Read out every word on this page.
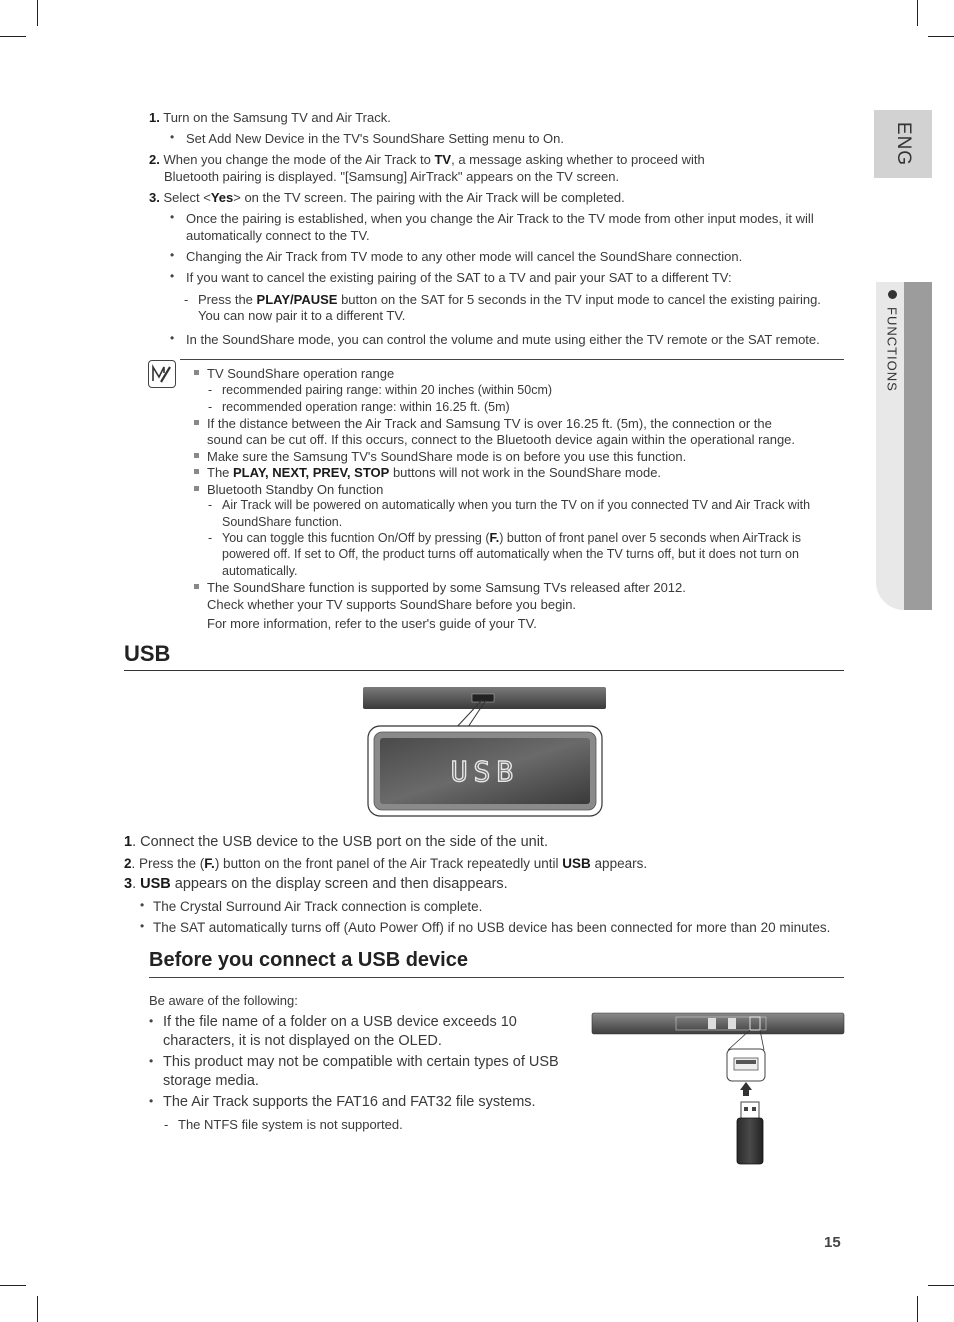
ENG
FUNCTIONS
1. Turn on the Samsung TV and Air Track.
• Set Add New Device in the TV's SoundShare Setting menu to On.
2. When you change the mode of the Air Track to TV, a message asking whether to proceed with
Bluetooth pairing is displayed. "[Samsung] AirTrack" appears on the TV screen.
3. Select <Yes> on the TV screen. The pairing with the Air Track will be completed.
• Once the pairing is established, when you change the Air Track to the TV mode from other input modes, it will
automatically connect to the TV.
• Changing the Air Track from TV mode to any other mode will cancel the SoundShare connection.
• If you want to cancel the existing pairing of the SAT to a TV and pair your SAT to a different TV:
- Press the PLAY/PAUSE button on the SAT for 5 seconds in the TV input mode to cancel the existing pairing.
You can now pair it to a different TV.
• In the SoundShare mode, you can control the volume and mute using either the TV remote or the SAT remote.
TV SoundShare operation range
- recommended pairing range: within 20 inches (within 50cm)
- recommended operation range: within 16.25 ft. (5m)
If the distance between the Air Track and Samsung TV is over 16.25 ft. (5m), the connection or the
sound can be cut off. If this occurs, connect to the Bluetooth device again within the operational range.
Make sure the Samsung TV's SoundShare mode is on before you use this function.
The PLAY, NEXT, PREV, STOP buttons will not work in the SoundShare mode.
Bluetooth Standby On function
- Air Track will be powered on automatically when you turn the TV on if you connected TV and Air Track with
SoundShare function.
- You can toggle this fucntion On/Off by pressing (F.) button of front panel over 5 seconds when AirTrack is
powered off. If set to Off, the product turns off automatically when the TV turns off, but it does not turn on
automatically.
The SoundShare function is supported by some Samsung TVs released after 2012.
Check whether your TV supports SoundShare before you begin.
For more information, refer to the user's guide of your TV.
USB
USB
1. Connect the USB device to the USB port on the side of the unit.
2. Press the (F.) button on the front panel of the Air Track repeatedly until USB appears.
3. USB appears on the display screen and then disappears.
• The Crystal Surround Air Track connection is complete.
• The SAT automatically turns off (Auto Power Off) if no USB device has been connected for more than 20 minutes.
Before you connect a USB device
Be aware of the following:
• If the file name of a folder on a USB device exceeds 10
characters, it is not displayed on the OLED.
• This product may not be compatible with certain types of USB
storage media.
• The Air Track supports the FAT16 and FAT32 file systems.
- The NTFS file system is not supported.
15
